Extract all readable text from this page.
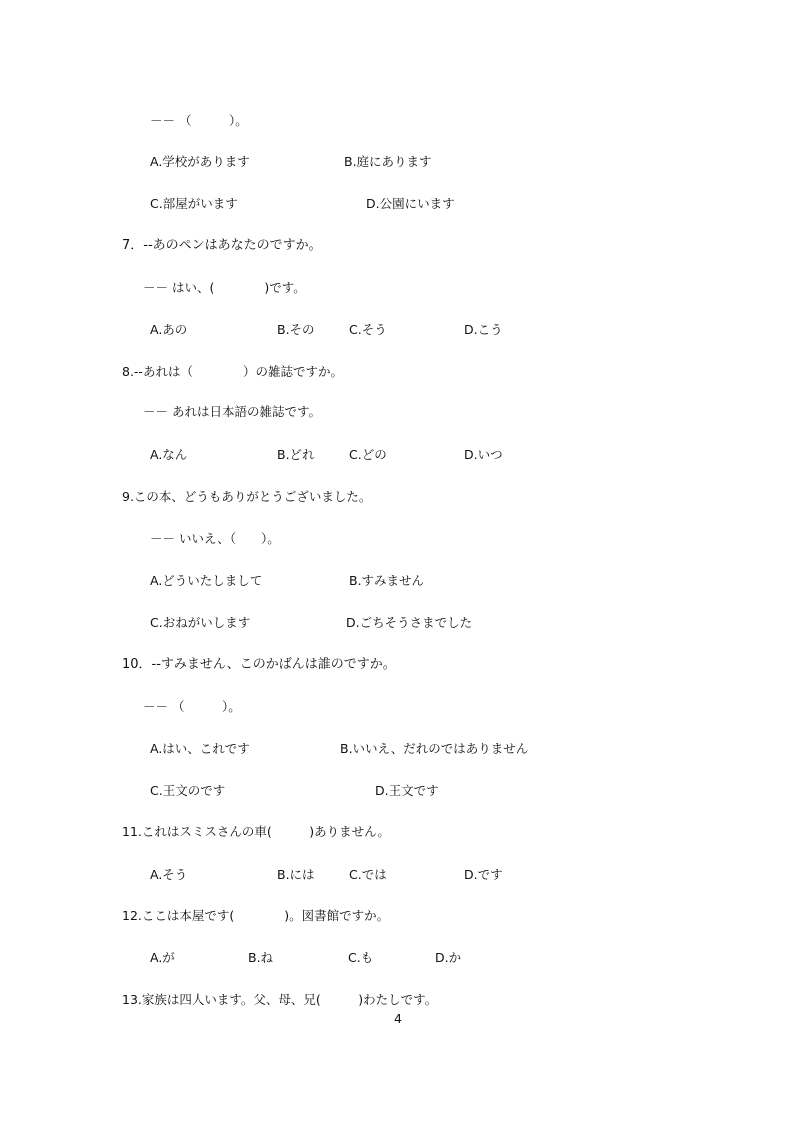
－－ （　　　）。
A.学校があります	B.庭にあります
C.部屋がいます	D.公園にいます
7．--あのペンはあなたのですか。
－－ はい、(　　　　)です。
A.あの	B.その	C.そう	D.こう
8.--あれは（　　　　）の雑誌ですか。
－－ あれは日本語の雑誌です。
A.なん	B.どれ	C.どの	D.いつ
9.この本、どうもありがとうございました。
－－ いいえ、（　　）。
A.どういたしまして	B.すみません
C.おねがいします	D.ごちそうさまでした
10．--すみません、このかばんは誰のですか。
－－ （　　　）。
A.はい、これです	B.いいえ、だれのではありません
C.王文のです	D.王文です
11.これはスミスさんの車(　　　)ありません。
A.そう	B.には	C.では	D.です
12.ここは本屋です(　　　　)。図書館ですか。
A.が	B.ね	C.も	D.か
13.家族は四人います。父、母、兄(　　　)わたしです。
4
